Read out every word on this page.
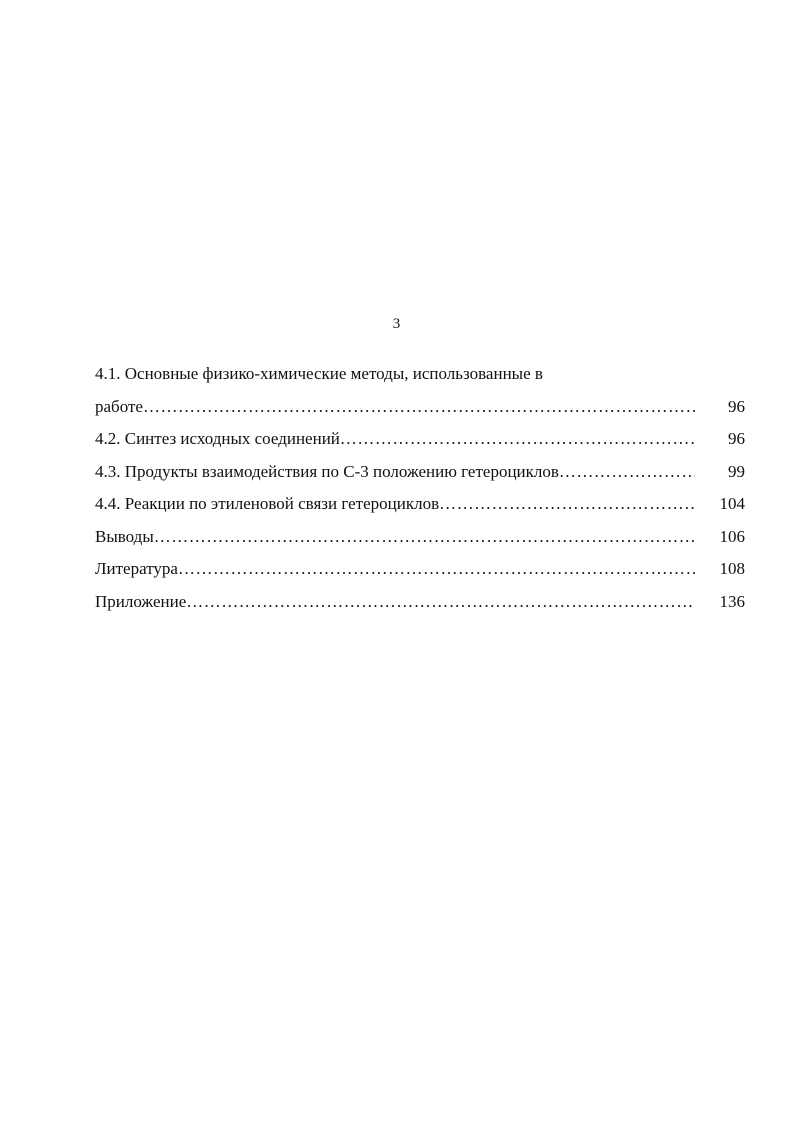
3
4.1. Основные физико-химические методы, использованные в
работе ……………………………………………………………………………………………………………………………………………………	96
4.2. Синтез исходных соединений ……………………………………………………………………………………………………………………………………………………	96
4.3. Продукты взаимодействия по С-3 положению гетероциклов ……………………………………………………………………………………………………………………………………………………	99
4.4. Реакции по этиленовой связи гетероциклов ……………………………………………………………………………………………………………………………………………………	104
Выводы ……………………………………………………………………………………………………………………………………………………	106
Литература ……………………………………………………………………………………………………………………………………………………	108
Приложение ……………………………………………………………………………………………………………………………………………………	136
